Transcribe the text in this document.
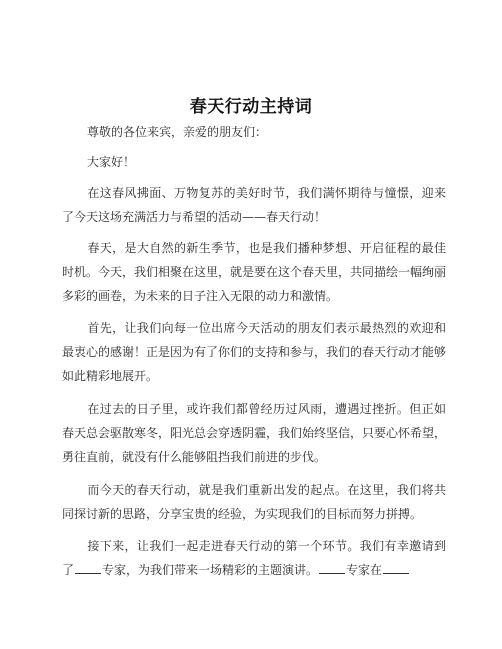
春天行动主持词
尊敬的各位来宾，亲爱的朋友们：
大家好！
在这春风拂面、万物复苏的美好时节，我们满怀期待与憧憬，迎来了今天这场充满活力与希望的活动——春天行动！
春天，是大自然的新生季节，也是我们播种梦想、开启征程的最佳时机。今天，我们相聚在这里，就是要在这个春天里，共同描绘一幅绚丽多彩的画卷，为未来的日子注入无限的动力和激情。
首先，让我们向每一位出席今天活动的朋友们表示最热烈的欢迎和最衷心的感谢！正是因为有了你们的支持和参与，我们的春天行动才能够如此精彩地展开。
在过去的日子里，或许我们都曾经历过风雨，遭遇过挫折。但正如春天总会驱散寒冬，阳光总会穿透阴霾，我们始终坚信，只要心怀希望，勇往直前，就没有什么能够阻挡我们前进的步伐。
而今天的春天行动，就是我们重新出发的起点。在这里，我们将共同探讨新的思路，分享宝贵的经验，为实现我们的目标而努力拼搏。
接下来，让我们一起走进春天行动的第一个环节。我们有幸邀请到了 专家，为我们带来一场精彩的主题演讲。 专家在
